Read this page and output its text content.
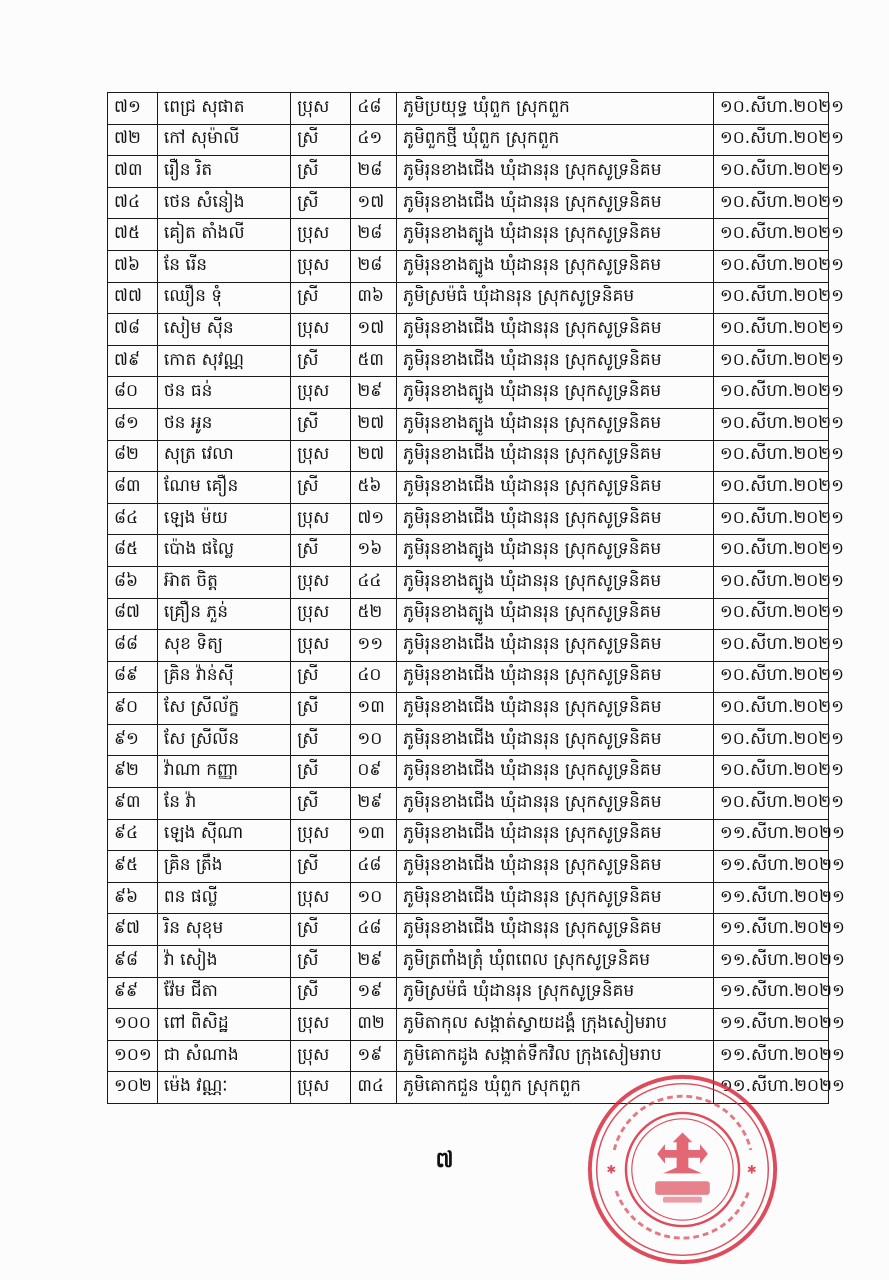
៧១	ពេជ្រ សុផាត	ប្រុស	៤៨	ភូមិប្រយុទ្ធ ឃុំពួក ស្រុកពួក	១០.សីហា.២០២១
៧២	កៅ សុម៉ាលី	ស្រី	៤១	ភូមិពួកថ្មី ឃុំពួក ស្រុកពួក	១០.សីហា.២០២១
៧៣	រឿន រិត	ស្រី	២៨	ភូមិរុនខាងជើង ឃុំដានរុន ស្រុកសូទ្រនិគម	១០.សីហា.២០២១
៧៤	ថេន សំនៀង	ស្រី	១៧	ភូមិរុនខាងជើង ឃុំដានរុន ស្រុកសូទ្រនិគម	១០.សីហា.២០២១
៧៥	គៀត តាំងលី	ប្រុស	២៨	ភូមិរុនខាងត្បូង ឃុំដានរុន ស្រុកសូទ្រនិគម	១០.សីហា.២០២១
៧៦	នែ រើន	ប្រុស	២៨	ភូមិរុនខាងត្បូង ឃុំដានរុន ស្រុកសូទ្រនិគម	១០.សីហា.២០២១
៧៧	ឈឿន ទុំ	ស្រី	៣៦	ភូមិស្រម៉ធំ ឃុំដានរុន ស្រុកសូទ្រនិគម	១០.សីហា.២០២១
៧៨	សៀម ស៊ីន	ប្រុស	១៧	ភូមិរុនខាងជើង ឃុំដានរុន ស្រុកសូទ្រនិគម	១០.សីហា.២០២១
៧៩	កោត សុវណ្ណ	ស្រី	៥៣	ភូមិរុនខាងជើង ឃុំដានរុន ស្រុកសូទ្រនិគម	១០.សីហា.២០២១
៨០	ថន ធន់	ប្រុស	២៩	ភូមិរុនខាងត្បូង ឃុំដានរុន ស្រុកសូទ្រនិគម	១០.សីហា.២០២១
៨១	ថន អូន	ស្រី	២៧	ភូមិរុនខាងត្បូង ឃុំដានរុន ស្រុកសូទ្រនិគម	១០.សីហា.២០២១
៨២	សុត្រ វេលា	ប្រុស	២៧	ភូមិរុនខាងជើង ឃុំដានរុន ស្រុកសូទ្រនិគម	១០.សីហា.២០២១
៨៣	ណែម គឿន	ស្រី	៥៦	ភូមិរុនខាងជើង ឃុំដានរុន ស្រុកសូទ្រនិគម	១០.សីហា.២០២១
៨៤	ឡេង ម៉យ	ប្រុស	៧១	ភូមិរុនខាងជើង ឃុំដានរុន ស្រុកសូទ្រនិគម	១០.សីហា.២០២១
៨៥	ប៉ោង ផល្លៃ	ស្រី	១៦	ភូមិរុនខាងត្បូង ឃុំដានរុន ស្រុកសូទ្រនិគម	១០.សីហា.២០២១
៨៦	អ៊ាត ចិត្ត	ប្រុស	៤៤	ភូមិរុនខាងត្បូង ឃុំដានរុន ស្រុកសូទ្រនិគម	១០.សីហា.២០២១
៨៧	គ្រឿន ភួន់	ប្រុស	៥២	ភូមិរុនខាងត្បូង ឃុំដានរុន ស្រុកសូទ្រនិគម	១០.សីហា.២០២១
៨៨	សុខ ទិត្យ	ប្រុស	១១	ភូមិរុនខាងជើង ឃុំដានរុន ស្រុកសូទ្រនិគម	១០.សីហា.២០២១
៨៩	គ្រិន វ៉ាន់ស៊ី	ស្រី	៤០	ភូមិរុនខាងជើង ឃុំដានរុន ស្រុកសូទ្រនិគម	១០.សីហា.២០២១
៩០	សែ ស្រីល័ក្ខ	ស្រី	១៣	ភូមិរុនខាងជើង ឃុំដានរុន ស្រុកសូទ្រនិគម	១០.សីហា.២០២១
៩១	សែ ស្រីលីន	ស្រី	១០	ភូមិរុនខាងជើង ឃុំដានរុន ស្រុកសូទ្រនិគម	១០.សីហា.២០២១
៩២	វ៉ាណា កញ្ញា	ស្រី	០៩	ភូមិរុនខាងជើង ឃុំដានរុន ស្រុកសូទ្រនិគម	១០.សីហា.២០២១
៩៣	នែ វ៉ា	ស្រី	២៩	ភូមិរុនខាងជើង ឃុំដានរុន ស្រុកសូទ្រនិគម	១០.សីហា.២០២១
៩៤	ឡេង ស៊ីណា	ប្រុស	១៣	ភូមិរុនខាងជើង ឃុំដានរុន ស្រុកសូទ្រនិគម	១១.សីហា.២០២១
៩៥	គ្រិន ត្រឹង	ស្រី	៤៨	ភូមិរុនខាងជើង ឃុំដានរុន ស្រុកសូទ្រនិគម	១១.សីហា.២០២១
៩៦	ពន ផល្លី	ប្រុស	១០	ភូមិរុនខាងជើង ឃុំដានរុន ស្រុកសូទ្រនិគម	១១.សីហា.២០២១
៩៧	រិន សុខុម	ស្រី	៤៨	ភូមិរុនខាងជើង ឃុំដានរុន ស្រុកសូទ្រនិគម	១១.សីហា.២០២១
៩៨	វ៉ា សៀង	ស្រី	២៩	ភូមិត្រពាំងត្រុំ ឃុំពពេល ស្រុកសូទ្រនិគម	១១.សីហា.២០២១
៩៩	វ៉ែម ជីតា	ស្រី	១៩	ភូមិស្រម៉ធំ ឃុំដានរុន ស្រុកសូទ្រនិគម	១១.សីហា.២០២១
១០០	ពៅ ពិសិដ្ឋ	ប្រុស	៣២	ភូមិតាកុល សង្កាត់ស្វាយដង្គំ ក្រុងសៀមរាប	១១.សីហា.២០២១
១០១	ជា សំណាង	ប្រុស	១៩	ភូមិគោកដូង សង្កាត់ទឹកវិល ក្រុងសៀមរាប	១១.សីហា.២០២១
១០២	ម៉េង វណ្ណៈ	ប្រុស	៣៤	ភូមិគោកជួន ឃុំពួក ស្រុកពួក	១១.សីហា.២០២១
៧	✱	✱
